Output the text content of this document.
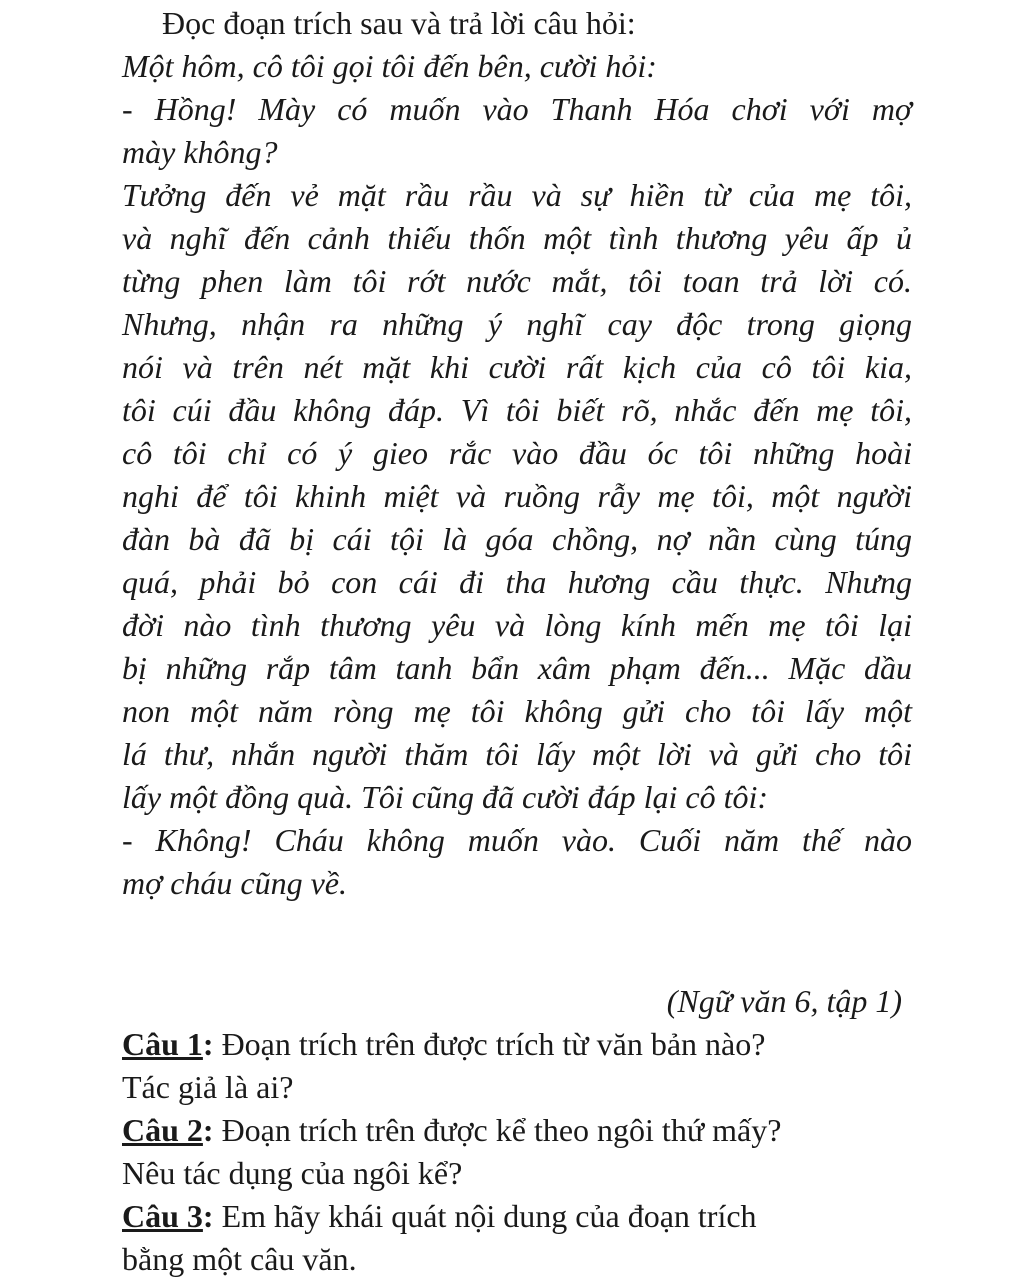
Đọc đoạn trích sau và trả lời câu hỏi:
Một hôm, cô tôi gọi tôi đến bên, cười hỏi:
- Hồng! Mày có muốn vào Thanh Hóa chơi với mợ
mày không?
Tưởng đến vẻ mặt rầu rầu và sự hiền từ của mẹ tôi,
và nghĩ đến cảnh thiếu thốn một tình thương yêu ấp ủ
từng phen làm tôi rớt nước mắt, tôi toan trả lời có.
Nhưng, nhận ra những ý nghĩ cay độc trong giọng
nói và trên nét mặt khi cười rất kịch của cô tôi kia,
tôi cúi đầu không đáp. Vì tôi biết rõ, nhắc đến mẹ tôi,
cô tôi chỉ có ý gieo rắc vào đầu óc tôi những hoài
nghi để tôi khinh miệt và ruồng rẫy mẹ tôi, một người
đàn bà đã bị cái tội là góa chồng, nợ nần cùng túng
quá, phải bỏ con cái đi tha hương cầu thực. Nhưng
đời nào tình thương yêu và lòng kính mến mẹ tôi lại
bị những rắp tâm tanh bẩn xâm phạm đến... Mặc dầu
non một năm ròng mẹ tôi không gửi cho tôi lấy một
lá thư, nhắn người thăm tôi lấy một lời và gửi cho tôi
lấy một đồng quà. Tôi cũng đã cười đáp lại cô tôi:
- Không! Cháu không muốn vào. Cuối năm thế nào
mợ cháu cũng về.
(Ngữ văn 6, tập 1)
Câu 1: Đoạn trích trên được trích từ văn bản nào?
Tác giả là ai?
Câu 2: Đoạn trích trên được kể theo ngôi thứ mấy?
Nêu tác dụng của ngôi kể?
Câu 3: Em hãy khái quát nội dung của đoạn trích
bằng một câu văn.
